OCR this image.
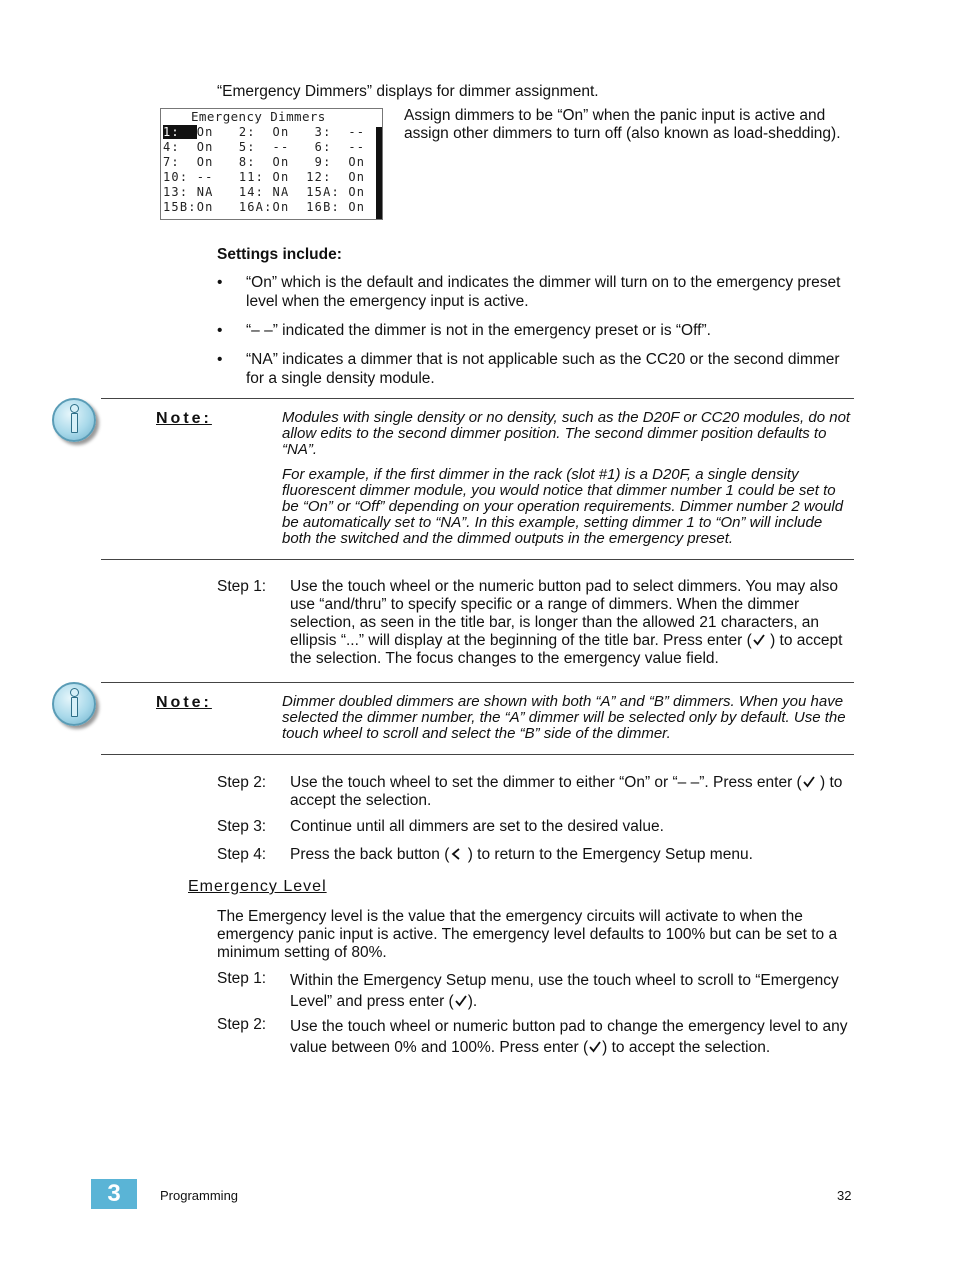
“Emergency Dimmers” displays for dimmer assignment.
Emergency Dimmers
1:  On   2:  On   3:  --
4:  On   5:  --   6:  --
7:  On   8:  On   9:  On
10: --   11: On  12:  On
13: NA   14: NA  15A: On
15B:On   16A:On  16B: On
Assign dimmers to be “On” when the panic input is active and assign other dimmers to turn off (also known as load-shedding).
Settings include:
• “On” which is the default and indicates the dimmer will turn on to the emergency preset level when the emergency input is active.
• “– –” indicated the dimmer is not in the emergency preset or is “Off”.
• “NA” indicates a dimmer that is not applicable such as the CC20 or the second dimmer for a single density module.
Note:	Modules with single density or no density, such as the D20F or CC20 modules, do not allow edits to the second dimmer position. The second dimmer position defaults to “NA”.
For example, if the first dimmer in the rack (slot #1) is a D20F, a single density fluorescent dimmer module, you would notice that dimmer number 1 could be set to be “On” or “Off” depending on your operation requirements. Dimmer number 2 would be automatically set to “NA”. In this example, setting dimmer 1 to “On” will include both the switched and the dimmed outputs in the emergency preset.
Step 1: Use the touch wheel or the numeric button pad to select dimmers. You may also use “and/thru” to specify specific or a range of dimmers. When the dimmer selection, as seen in the title bar, is longer than the allowed 21 characters, an ellipsis “...” will display at the beginning of the title bar. Press enter ( ) to accept the selection. The focus changes to the emergency value field.
Note:	Dimmer doubled dimmers are shown with both “A” and “B” dimmers. When you have selected the dimmer number, the “A” dimmer will be selected only by default. Use the touch wheel to scroll and select the “B” side of the dimmer.
Step 2: Use the touch wheel to set the dimmer to either “On” or “– –”. Press enter ( ) to accept the selection.
Step 3: Continue until all dimmers are set to the desired value.
Step 4: Press the back button ( ) to return to the Emergency Setup menu.
Emergency Level
The Emergency level is the value that the emergency circuits will activate to when the emergency panic input is active. The emergency level defaults to 100% but can be set to a minimum setting of 80%.
Step 1: Within the Emergency Setup menu, use the touch wheel to scroll to “Emergency Level” and press enter ( ).
Step 2: Use the touch wheel or numeric button pad to change the emergency level to any value between 0% and 100%. Press enter ( ) to accept the selection.
3	Programming	32
